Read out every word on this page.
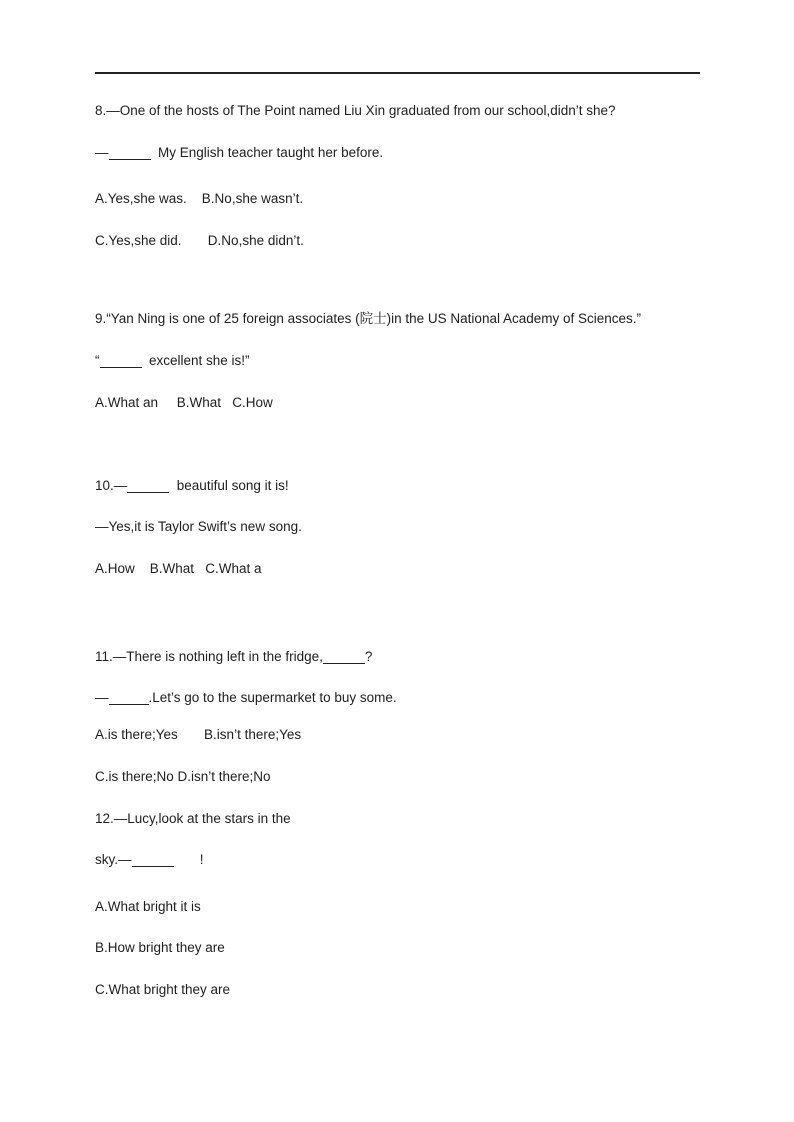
8.—One of the hosts of The Point named Liu Xin graduated from our school,didn’t she?
—	My English teacher taught her before.
A.Yes,she was.    B.No,she wasn’t.
C.Yes,she did.       D.No,she didn’t.
9.“Yan Ning is one of 25 foreign associates (院士)in the US National Academy of Sciences.”
“	excellent she is!”
A.What an     B.What   C.How
10.—	beautiful song it is!
—Yes,it is Taylor Swift’s new song.
A.How    B.What   C.What a
11.—There is nothing left in the fridge,	?
—	.Let’s go to the supermarket to buy some.
A.is there;Yes       B.isn’t there;Yes
C.is there;No D.isn’t there;No
12.—Lucy,look at the stars in the
sky.—	!
A.What bright it is
B.How bright they are
C.What bright they are
